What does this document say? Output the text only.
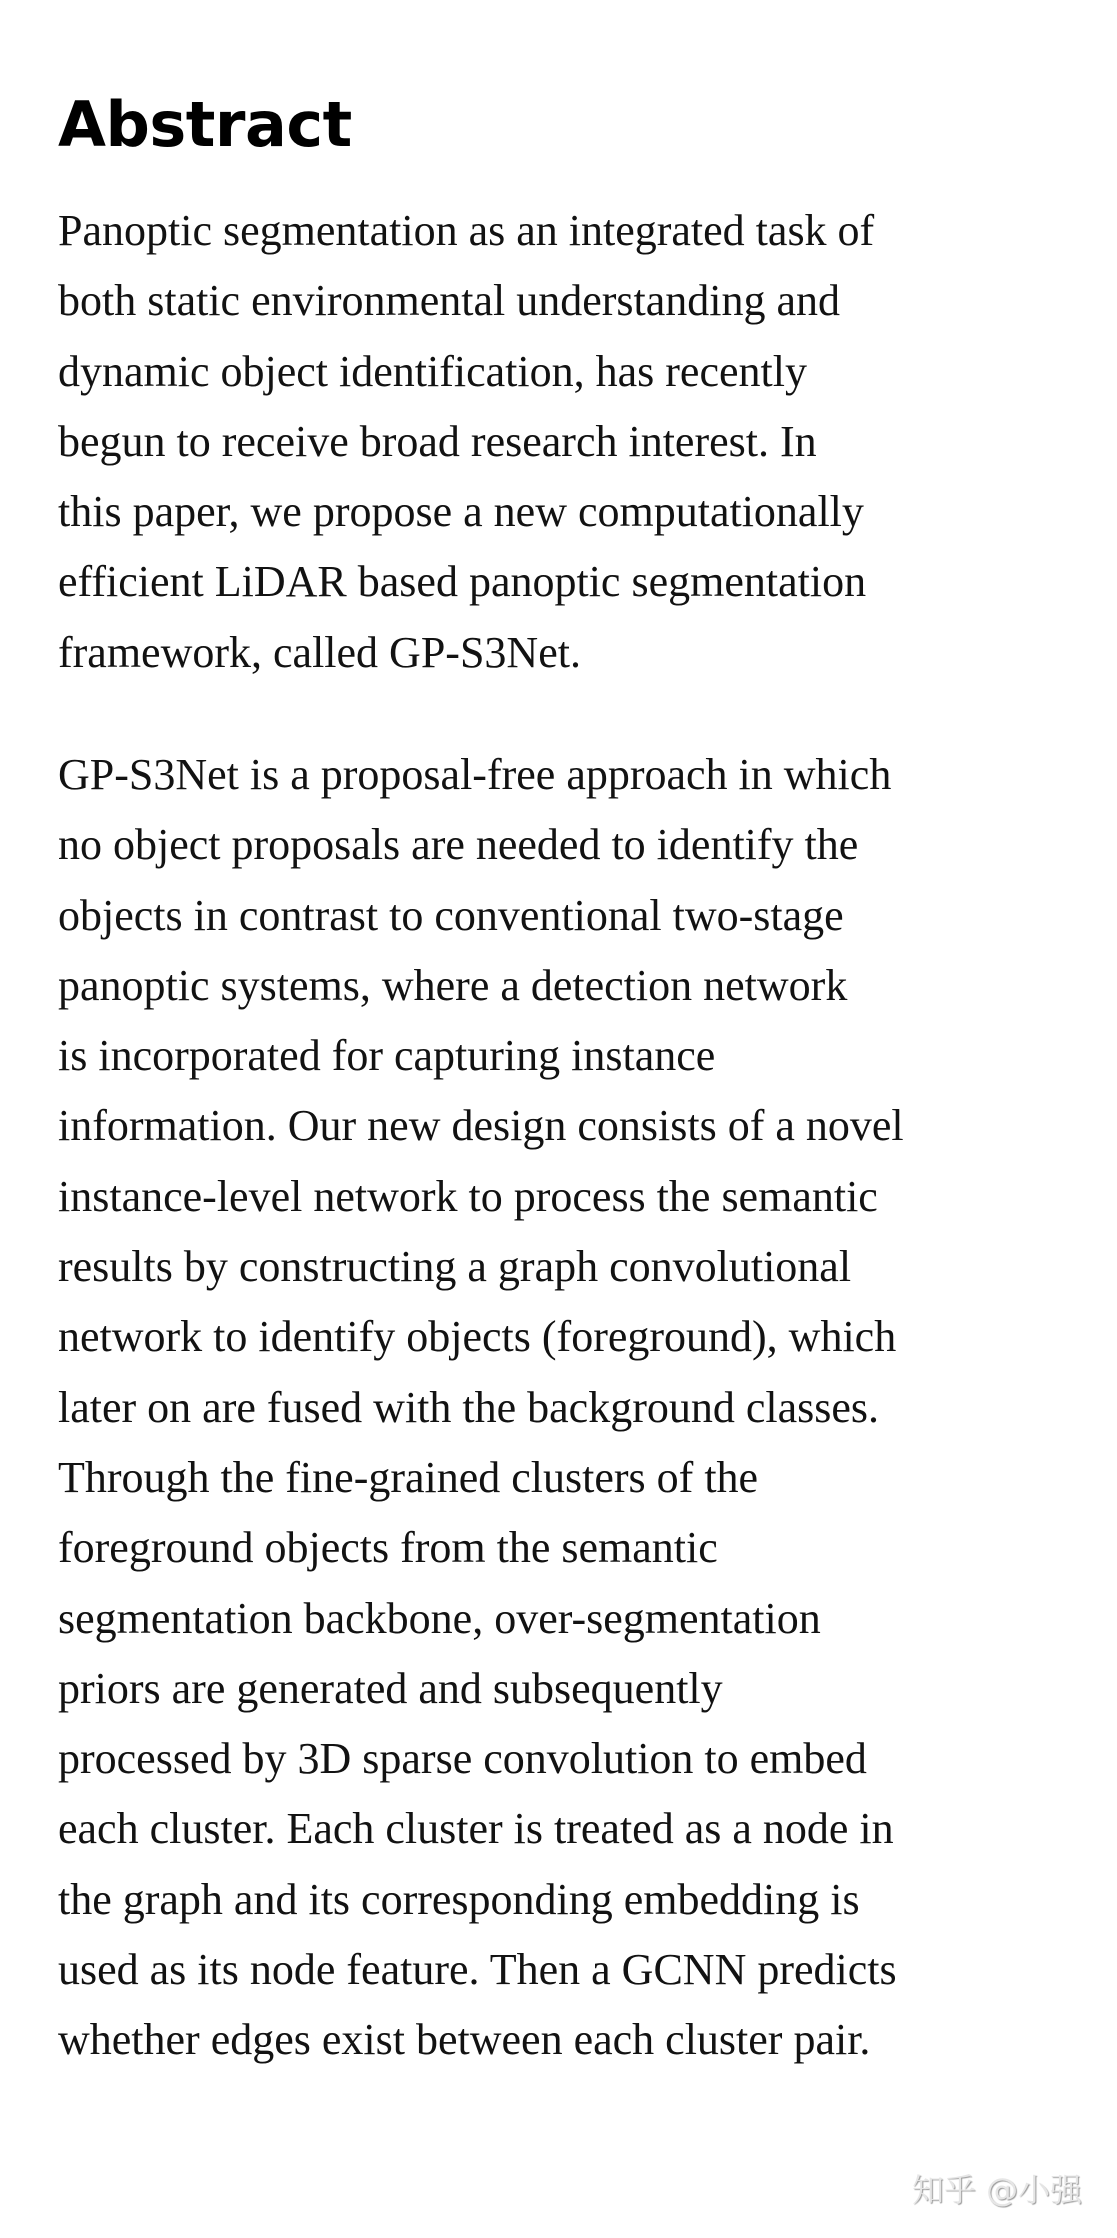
Abstract

Panoptic segmentation as an integrated task of
both static environmental understanding and
dynamic object identification, has recently
begun to receive broad research interest. In
this paper, we propose a new computationally
efficient LiDAR based panoptic segmentation
framework, called GP-S3Net.

GP-S3Net is a proposal-free approach in which
no object proposals are needed to identify the
objects in contrast to conventional two-stage
panoptic systems, where a detection network
is incorporated for capturing instance
information. Our new design consists of a novel
instance-level network to process the semantic
results by constructing a graph convolutional
network to identify objects (foreground), which
later on are fused with the background classes.
Through the fine-grained clusters of the
foreground objects from the semantic
segmentation backbone, over-segmentation
priors are generated and subsequently
processed by 3D sparse convolution to embed
each cluster. Each cluster is treated as a node in
the graph and its corresponding embedding is
used as its node feature. Then a GCNN predicts
whether edges exist between each cluster pair.

知乎 @小强
